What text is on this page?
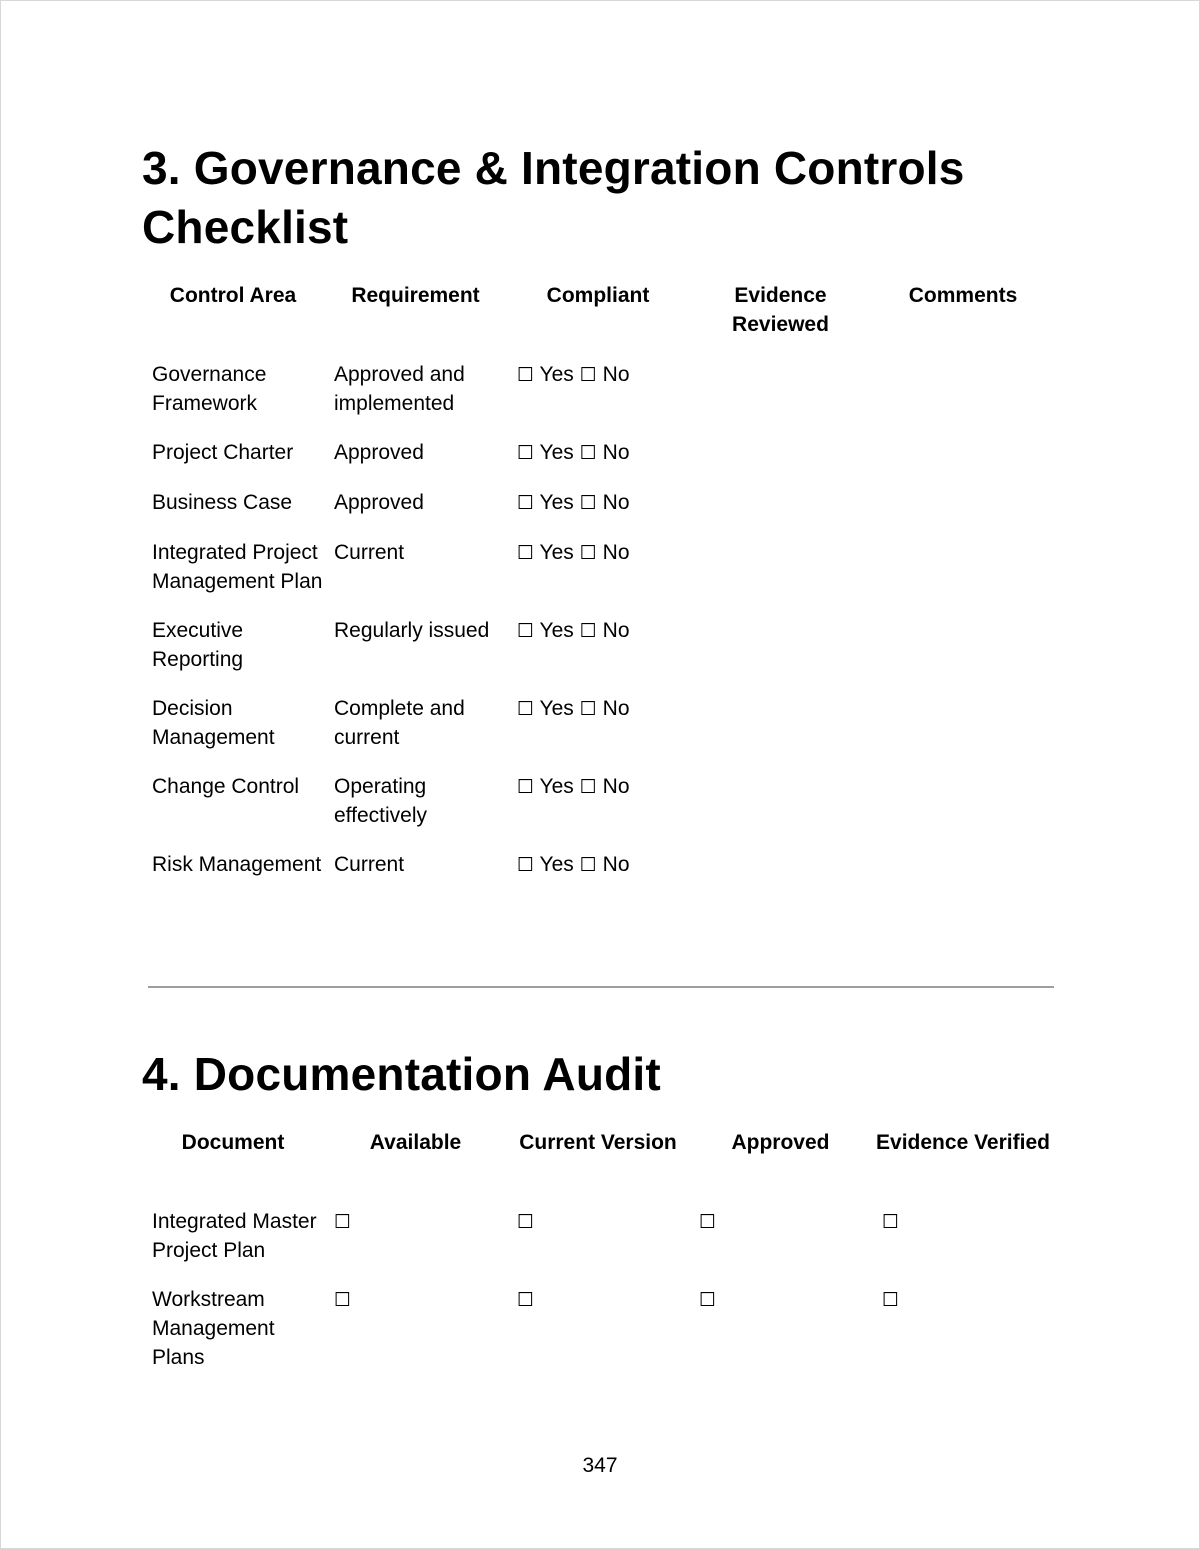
3. Governance & Integration Controls
Checklist
Control Area	Requirement	Compliant	Evidence Reviewed	Comments
Governance Framework	Approved and implemented	☐ Yes ☐ No		
Project Charter	Approved	☐ Yes ☐ No		
Business Case	Approved	☐ Yes ☐ No		
Integrated Project Management Plan	Current	☐ Yes ☐ No		
Executive Reporting	Regularly issued	☐ Yes ☐ No		
Decision Management	Complete and current	☐ Yes ☐ No		
Change Control	Operating effectively	☐ Yes ☐ No		
Risk Management	Current	☐ Yes ☐ No		
4. Documentation Audit
Document	Available	Current Version	Approved	Evidence Verified
Integrated Master Project Plan	☐	☐	☐	☐
Workstream Management Plans	☐	☐	☐	☐
347
